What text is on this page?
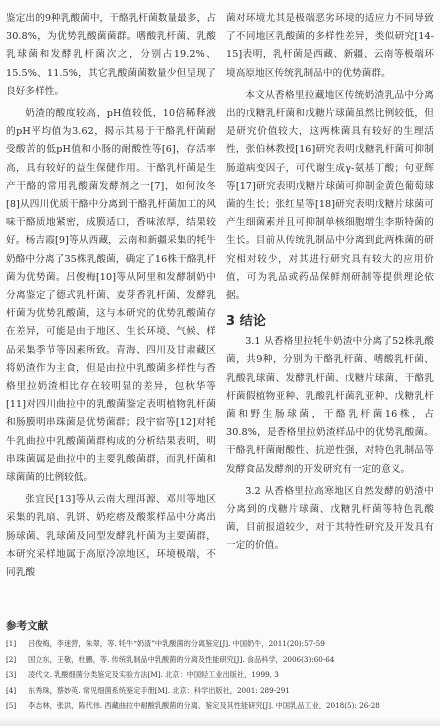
鉴定出的9种乳酸菌中，干酪乳杆菌数量最多，占30.8%，为优势乳酸菌菌群。嗜酸乳杆菌、乳酸乳球菌和发酵乳杆菌次之，分别占19.2%、15.5%、11.5%，其它乳酸菌菌数量少但呈现了良好多样性。

奶渣的酸度较高，pH值较低，10倍稀释液的pH平均值为3.62，揭示其易于干酪乳杆菌耐受酸苦的低pH值和小肠的耐酸性等[6]，存活率高，具有较好的益生保健作用。干酪乳杆菌是生产干酪的常用乳酸菌发酵剂之一[7]，如何汝冬[8]从四川优质干酪中分离到干酪乳杆菌加工的风味干酪质地紧密，成膜适口，香味浓厚，结果较好。杨吉霞[9]等从西藏，云南和新疆采集的牦牛奶酪中分离了35株乳酸菌，确定了16株干酪乳杆菌为优势菌。吕俊梅[10]等从阿里和发酵制奶中分离鉴定了德式乳杆菌、麦芽香乳杆菌、发酵乳杆菌为优势乳酸菌，这与本研究的优势乳酸菌存在差异，可能是由于地区、生长环境、气候、样品采集季节等因素所致。青海、四川及甘肃藏区将奶渣作为主食，但是由拉中乳酸菌多样性与香格里拉奶渣相比存在较明显的差异，包秋华等[11]对四川曲拉中的乳酸菌鉴定表明植物乳杆菌和肠膜明串珠菌是优势菌群；段宇宿等[12]对牦牛乳曲拉中乳酸菌菌群构成的分析结果表明，明串珠菌属是曲拉中的主要乳酸菌群，而乳杆菌和球菌菌的比例较低。

张宜民[13]等从云南大理洱源、邓川等地区采集的乳扇、乳饼、奶疙瘩及酸浆样品中分离出肠球菌、乳球菌及同型发酵乳杆菌为主要菌群，本研究采样地属于高原冷凉地区，环境极端，不同乳酸

菌对环境尤其是极端恶劣环境的适应力不同导致了不同地区乳酸菌的多样性差异，类似研究[14-15]表明，乳杆菌是西藏、新疆、云南等极端环境高原地区传统乳制品中的优势菌群。

本文从香格里拉藏地区传统奶渣乳品中分离出的戊糖乳杆菌和戊糖片球菌虽然比例较低，但是研究价值较大，这两株菌具有较好的生理活性，张伯林教授[16]研究表明戊糖乳杆菌可抑制肠道病变因子，可代谢生成γ-氨基丁酸；句亚辉等[17]研究表明戊糖片球菌可抑制金黄色葡萄球菌的生长；张红星等[18]研究表明戊糖片球菌可产生细菌素并且可抑制单核细胞增生李斯特菌的生长。目前从传统乳制品中分离到此两株菌的研究相对较少，对其进行研究具有较大的应用价值，可为乳品或药品保鲜剂研制等提供理论依据。

3 结论

3.1 从香格里拉牦牛奶渣中分离了52株乳酸菌，共9种，分别为干酪乳杆菌、嗜酸乳杆菌、乳酸乳球菌、发酵乳杆菌、戊糖片球菌、干酪乳杆菌假植物亚种、乳酸乳杆菌乳亚种、戊糖乳杆菌和野生肠球菌，干酪乳杆菌16株，占30.8%，是香格里拉奶渣样品中的优势乳酸菌。干酪乳杆菌耐酸性、抗逆性强，对特色乳制品等发酵食品发酵剂的开发研究有一定的意义。

3.2 从香格里拉高寒地区自然发酵的奶渣中分离到的戊糖片球菌、戊糖乳杆菌等特色乳酸菌，目前报道较少，对于其特性研究及开发具有一定的价值。

参考文献
[1] 吕俊梅，李迷营，朱翠，等. 牦牛“奶渣”中乳酸菌的分离鉴定[J]. 中国奶牛，2011(20):57-59
[2] 国立东，王敬，杜鹏，等. 传统乳制品中乳酸菌的分离及性能研究[J]. 食品科学，2006(3):60-64
[3] 凌代文. 乳酸细菌分类鉴定及实验方法[M]. 北京：中国轻工业出版社，1999, 3
[4] 东秀珠，蔡妙英. 常见细菌系统鉴定手册[M]. 北京：科学出版社，2001: 289-291
[5] 李志林，张洪，陈代伟. 西藏曲拉中耐酸乳酸菌的分离、鉴定及其性能研究[J]. 中国乳品工业，2018(5): 26-28
